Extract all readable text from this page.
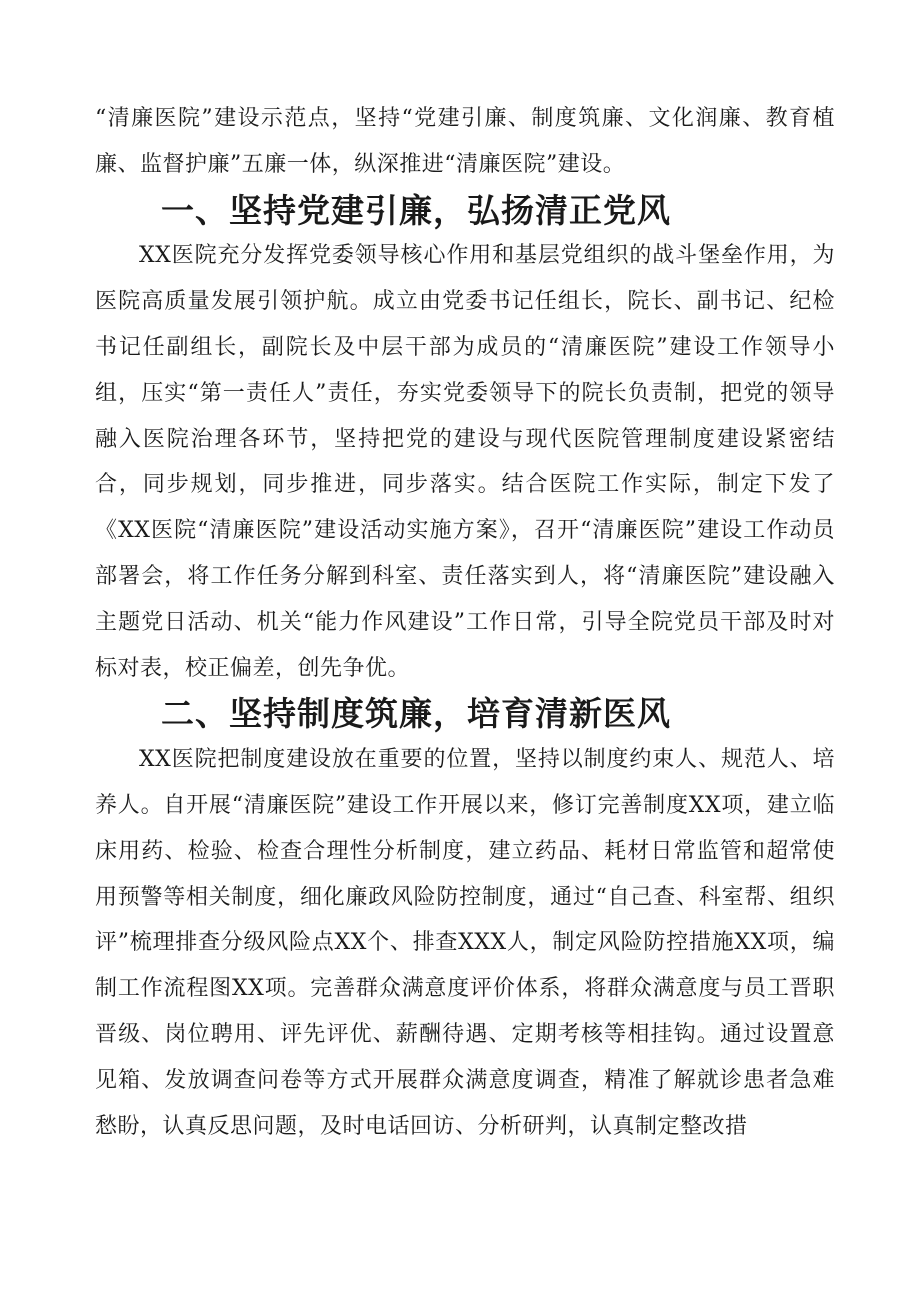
“清廉医院”建设示范点，坚持“党建引廉、制度筑廉、文化润廉、教育植廉、监督护廉”五廉一体，纵深推进“清廉医院”建设。

一、坚持党建引廉，弘扬清正党风

XX医院充分发挥党委领导核心作用和基层党组织的战斗堡垒作用，为医院高质量发展引领护航。成立由党委书记任组长，院长、副书记、纪检书记任副组长，副院长及中层干部为成员的“清廉医院”建设工作领导小组，压实“第一责任人”责任，夯实党委领导下的院长负责制，把党的领导融入医院治理各环节，坚持把党的建设与现代医院管理制度建设紧密结合，同步规划，同步推进，同步落实。结合医院工作实际，制定下发了《XX医院“清廉医院”建设活动实施方案》，召开“清廉医院”建设工作动员部署会，将工作任务分解到科室、责任落实到人，将“清廉医院”建设融入主题党日活动、机关“能力作风建设”工作日常，引导全院党员干部及时对标对表，校正偏差，创先争优。

二、坚持制度筑廉，培育清新医风

XX医院把制度建设放在重要的位置，坚持以制度约束人、规范人、培养人。自开展“清廉医院”建设工作开展以来，修订完善制度XX项，建立临床用药、检验、检查合理性分析制度，建立药品、耗材日常监管和超常使用预警等相关制度，细化廉政风险防控制度，通过“自己查、科室帮、组织评”梳理排查分级风险点XX个、排查XXX人，制定风险防控措施XX项，编制工作流程图XX项。完善群众满意度评价体系，将群众满意度与员工晋职晋级、岗位聘用、评先评优、薪酬待遇、定期考核等相挂钩。通过设置意见箱、发放调查问卷等方式开展群众满意度调查，精准了解就诊患者急难愁盼，认真反思问题，及时电话回访、分析研判，认真制定整改措
